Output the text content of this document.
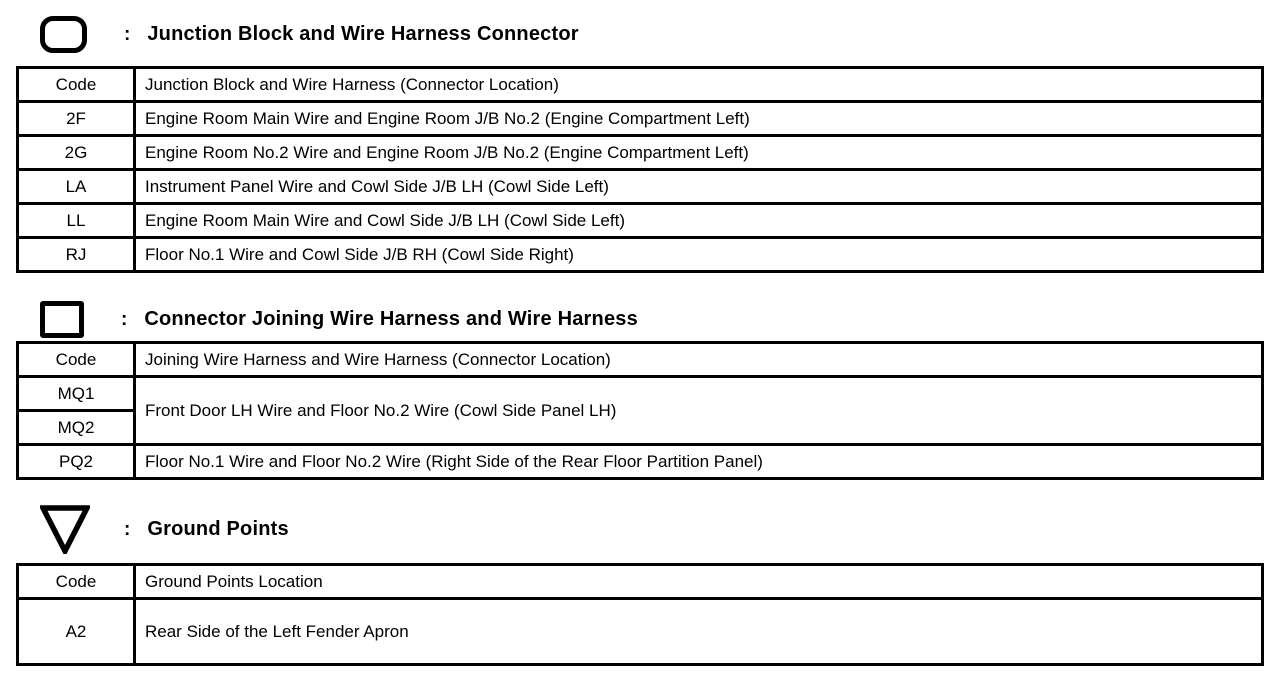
: Junction Block and Wire Harness Connector
Code	Junction Block and Wire Harness (Connector Location)
2F	Engine Room Main Wire and Engine Room J/B No.2 (Engine Compartment Left)
2G	Engine Room No.2 Wire and Engine Room J/B No.2 (Engine Compartment Left)
LA	Instrument Panel Wire and Cowl Side J/B LH (Cowl Side Left)
LL	Engine Room Main Wire and Cowl Side J/B LH (Cowl Side Left)
RJ	Floor No.1 Wire and Cowl Side J/B RH (Cowl Side Right)
: Connector Joining Wire Harness and Wire Harness
Code	Joining Wire Harness and Wire Harness (Connector Location)
MQ1	Front Door LH Wire and Floor No.2 Wire (Cowl Side Panel LH)
MQ2	
PQ2	Floor No.1 Wire and Floor No.2 Wire (Right Side of the Rear Floor Partition Panel)
: Ground Points
Code	Ground Points Location
A2	Rear Side of the Left Fender Apron
